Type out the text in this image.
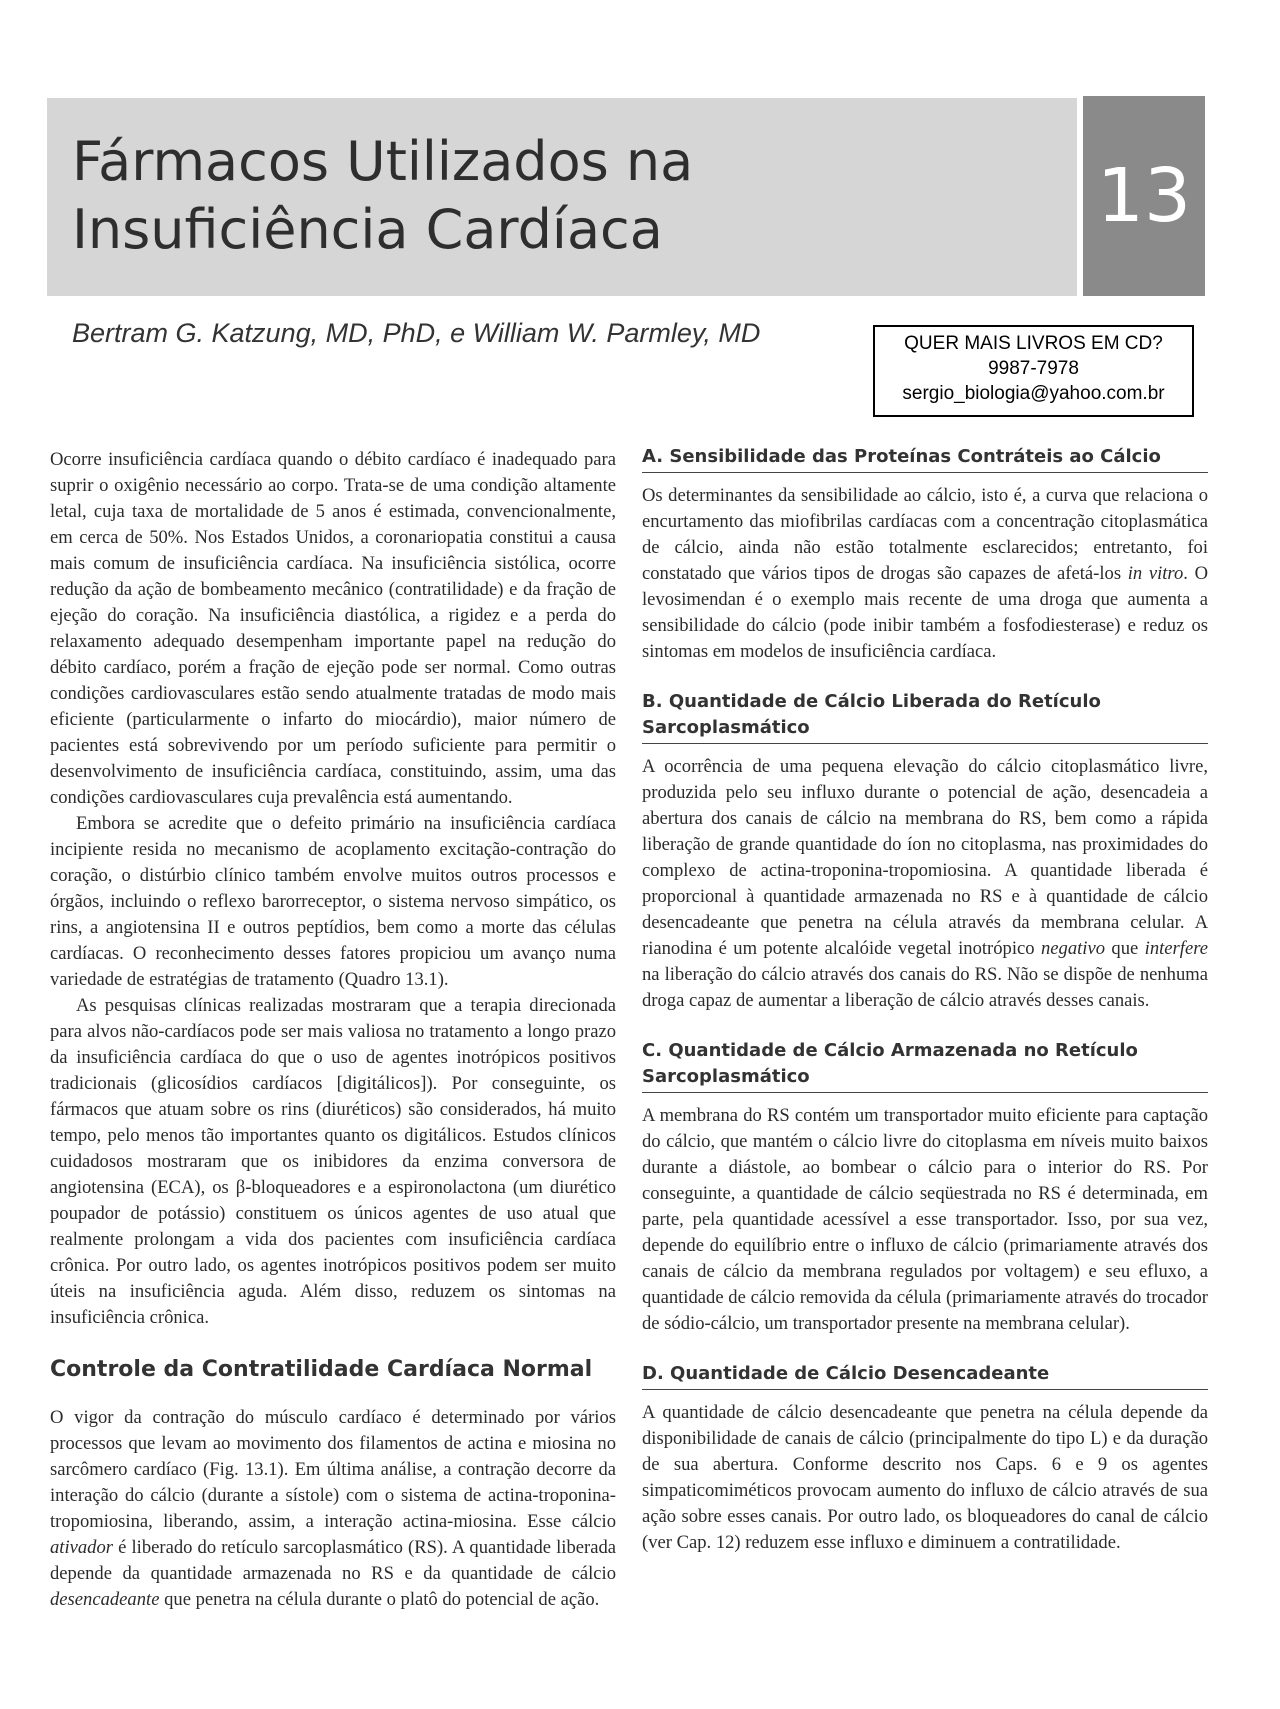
Fármacos Utilizados na
Insuficiência Cardíaca	13
Bertram G. Katzung, MD, PhD, e William W. Parmley, MD	QUER MAIS LIVROS EM CD?
9987-7978
sergio_biologia@yahoo.com.br

Ocorre insuficiência cardíaca quando o débito cardíaco é inadequado para suprir o oxigênio necessário ao corpo. Trata-se de uma condição altamente letal, cuja taxa de mortalidade de 5 anos é estimada, convencionalmente, em cerca de 50%. Nos Estados Unidos, a coronariopatia constitui a causa mais comum de insuficiência cardíaca. Na insuficiência sistólica, ocorre redução da ação de bombeamento mecânico (contratilidade) e da fração de ejeção do coração. Na insuficiência diastólica, a rigidez e a perda do relaxamento adequado desempenham importante papel na redução do débito cardíaco, porém a fração de ejeção pode ser normal. Como outras condições cardiovasculares estão sendo atualmente tratadas de modo mais eficiente (particularmente o infarto do miocárdio), maior número de pacientes está sobrevivendo por um período suficiente para permitir o desenvolvimento de insuficiência cardíaca, constituindo, assim, uma das condições cardiovasculares cuja prevalência está aumentando.

Embora se acredite que o defeito primário na insuficiência cardíaca incipiente resida no mecanismo de acoplamento excitação-contração do coração, o distúrbio clínico também envolve muitos outros processos e órgãos, incluindo o reflexo barorreceptor, o sistema nervoso simpático, os rins, a angiotensina II e outros peptídios, bem como a morte das células cardíacas. O reconhecimento desses fatores propiciou um avanço numa variedade de estratégias de tratamento (Quadro 13.1).

As pesquisas clínicas realizadas mostraram que a terapia direcionada para alvos não-cardíacos pode ser mais valiosa no tratamento a longo prazo da insuficiência cardíaca do que o uso de agentes inotrópicos positivos tradicionais (glicosídios cardíacos [digitálicos]). Por conseguinte, os fármacos que atuam sobre os rins (diuréticos) são considerados, há muito tempo, pelo menos tão importantes quanto os digitálicos. Estudos clínicos cuidadosos mostraram que os inibidores da enzima conversora de angiotensina (ECA), os β-bloqueadores e a espironolactona (um diurético poupador de potássio) constituem os únicos agentes de uso atual que realmente prolongam a vida dos pacientes com insuficiência cardíaca crônica. Por outro lado, os agentes inotrópicos positivos podem ser muito úteis na insuficiência aguda. Além disso, reduzem os sintomas na insuficiência crônica.

Controle da Contratilidade Cardíaca Normal

O vigor da contração do músculo cardíaco é determinado por vários processos que levam ao movimento dos filamentos de actina e miosina no sarcômero cardíaco (Fig. 13.1). Em última análise, a contração decorre da interação do cálcio (durante a sístole) com o sistema de actina-troponina-tropomiosina, liberando, assim, a interação actina-miosina. Esse cálcio ativador é liberado do retículo sarcoplasmático (RS). A quantidade liberada depende da quantidade armazenada no RS e da quantidade de cálcio desencadeante que penetra na célula durante o platô do potencial de ação.

A. Sensibilidade das Proteínas Contráteis ao Cálcio

Os determinantes da sensibilidade ao cálcio, isto é, a curva que relaciona o encurtamento das miofibrilas cardíacas com a concentração citoplasmática de cálcio, ainda não estão totalmente esclarecidos; entretanto, foi constatado que vários tipos de drogas são capazes de afetá-los in vitro. O levosimendan é o exemplo mais recente de uma droga que aumenta a sensibilidade do cálcio (pode inibir também a fosfodiesterase) e reduz os sintomas em modelos de insuficiência cardíaca.

B. Quantidade de Cálcio Liberada do Retículo Sarcoplasmático

A ocorrência de uma pequena elevação do cálcio citoplasmático livre, produzida pelo seu influxo durante o potencial de ação, desencadeia a abertura dos canais de cálcio na membrana do RS, bem como a rápida liberação de grande quantidade do íon no citoplasma, nas proximidades do complexo de actina-troponina-tropomiosina. A quantidade liberada é proporcional à quantidade armazenada no RS e à quantidade de cálcio desencadeante que penetra na célula através da membrana celular. A rianodina é um potente alcalóide vegetal inotrópico negativo que interfere na liberação do cálcio através dos canais do RS. Não se dispõe de nenhuma droga capaz de aumentar a liberação de cálcio através desses canais.

C. Quantidade de Cálcio Armazenada no Retículo Sarcoplasmático

A membrana do RS contém um transportador muito eficiente para captação do cálcio, que mantém o cálcio livre do citoplasma em níveis muito baixos durante a diástole, ao bombear o cálcio para o interior do RS. Por conseguinte, a quantidade de cálcio seqüestrada no RS é determinada, em parte, pela quantidade acessível a esse transportador. Isso, por sua vez, depende do equilíbrio entre o influxo de cálcio (primariamente através dos canais de cálcio da membrana regulados por voltagem) e seu efluxo, a quantidade de cálcio removida da célula (primariamente através do trocador de sódio-cálcio, um transportador presente na membrana celular).

D. Quantidade de Cálcio Desencadeante

A quantidade de cálcio desencadeante que penetra na célula depende da disponibilidade de canais de cálcio (principalmente do tipo L) e da duração de sua abertura. Conforme descrito nos Caps. 6 e 9 os agentes simpaticomiméticos provocam aumento do influxo de cálcio através de sua ação sobre esses canais. Por outro lado, os bloqueadores do canal de cálcio (ver Cap. 12) reduzem esse influxo e diminuem a contratilidade.
